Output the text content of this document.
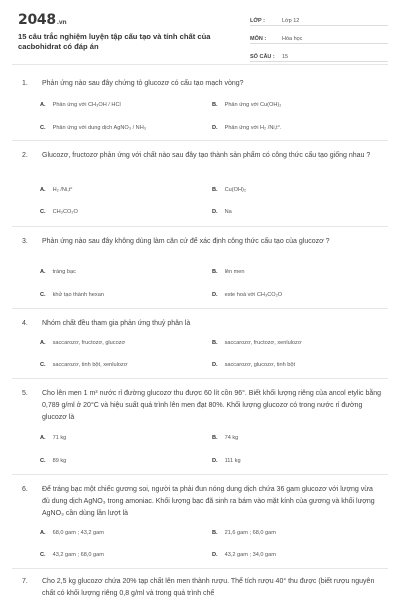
2048.vn
15 câu trắc nghiệm luyện tập cấu tạo và tính chất của cacbohidrat có đáp án
LỚP :	Lớp 12
MÔN :	Hóa học
SỐ CÂU :	15
1. Phản ứng nào sau đây chứng tỏ glucozơ có cấu tạo mạch vòng?
A. Phản ứng với CH₃OH / HCl	B. Phản ứng với Cu(OH)₂
C. Phản ứng với dung dịch AgNO₃ / NH₃	D. Phản ứng với H₂ /Ni,t°.
2. Glucozơ, fructozơ phản ứng với chất nào sau đây tạo thành sản phẩm có công thức cấu tạo giống nhau ?
A. H₂ /Ni,t°	B. Cu(OH)₂
C. CH₃CO₂O	D. Na
3. Phản ứng nào sau đây không dùng làm căn cứ để xác định công thức cấu tạo của glucozơ ?
A. tráng bạc	B. lên men
C. khử tạo thành hexan	D. este hoá với CH₃CO₂O
4. Nhóm chất đều tham gia phản ứng thuỷ phân là
A. saccarozơ, fructozơ, glucozơ	B. saccarozơ, fructozơ, xenlulozơ
C. saccarozơ, tinh bột, xenlulozơ	D. saccarozơ, glucozơ, tinh bột
5. Cho lên men 1 m³ nước rỉ đường glucozơ thu được 60 lít cồn 96°. Biết khối lượng riêng của ancol etylic bằng 0,789 g/ml ở 20°C và hiệu suất quá trình lên men đạt 80%. Khối lượng glucozơ có trong nước rỉ đường glucozơ là
A. 71 kg	B. 74 kg
C. 89 kg	D. 111 kg
6. Để tráng bạc một chiếc gương soi, người ta phải đun nóng dung dịch chứa 36 gam glucozơ với lượng vừa đủ dung dịch AgNO₃ trong amoniac. Khối lượng bạc đã sinh ra bám vào mặt kính của gương và khối lượng AgNO₃ cần dùng lần lượt là
A. 68,0 gam ; 43,2 gam	B. 21,6 gam ; 68,0 gam
C. 43,2 gam ; 68,0 gam	D. 43,2 gam ; 34,0 gam
7. Cho 2,5 kg glucozơ chứa 20% tạp chất lên men thành rượu. Thể tích rượu 40° thu được (biết rượu nguyên chất có khối lượng riêng 0,8 g/ml và trong quá trình chế
